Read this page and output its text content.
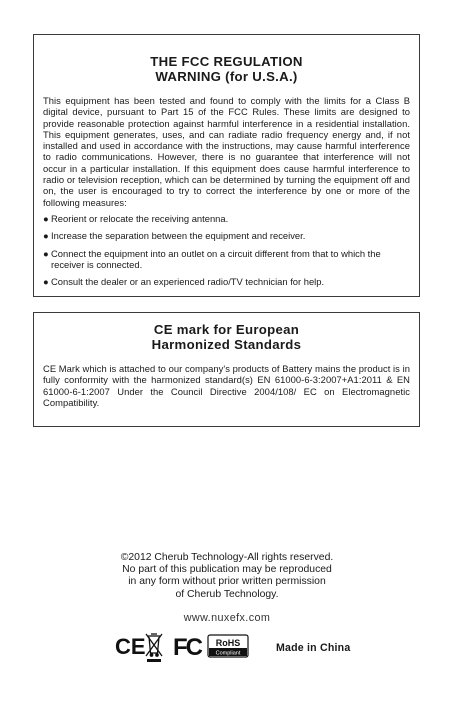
THE FCC REGULATION
WARNING (for U.S.A.)

This equipment has been tested and found to comply with the limits for a Class B digital device, pursuant to Part 15 of the FCC Rules. These limits are designed to provide reasonable protection against harmful interference in a residential installation. This equipment generates, uses, and can radiate radio frequency energy and, if not installed and used in accordance with the instructions, may cause harmful interference to radio communications. However, there is no guarantee that interference will not occur in a particular installation. If this equipment does cause harmful interference to radio or television reception, which can be determined by turning the equipment off and on, the user is encouraged to try to correct the interference by one or more of the following measures:

● Reorient or relocate the receiving antenna.
● Increase the separation between the equipment and receiver.
● Connect the equipment into an outlet on a circuit different from that to which the receiver is connected.
● Consult the dealer or an experienced radio/TV technician for help.
CE mark for European
Harmonized Standards

CE Mark which is attached to our company's products of Battery mains the product is in fully conformity with the harmonized standard(s) EN 61000-6-3:2007+A1:2011 & EN 61000-6-1:2007 Under the Council Directive 2004/108/ EC on Electromagnetic Compatibility.

©2012 Cherub Technology-All rights reserved.
No part of this publication may be reproduced
in any form without prior written permission
of Cherub Technology.
www.nuxefx.com
CE FC RoHS
Compliant	Made in China
